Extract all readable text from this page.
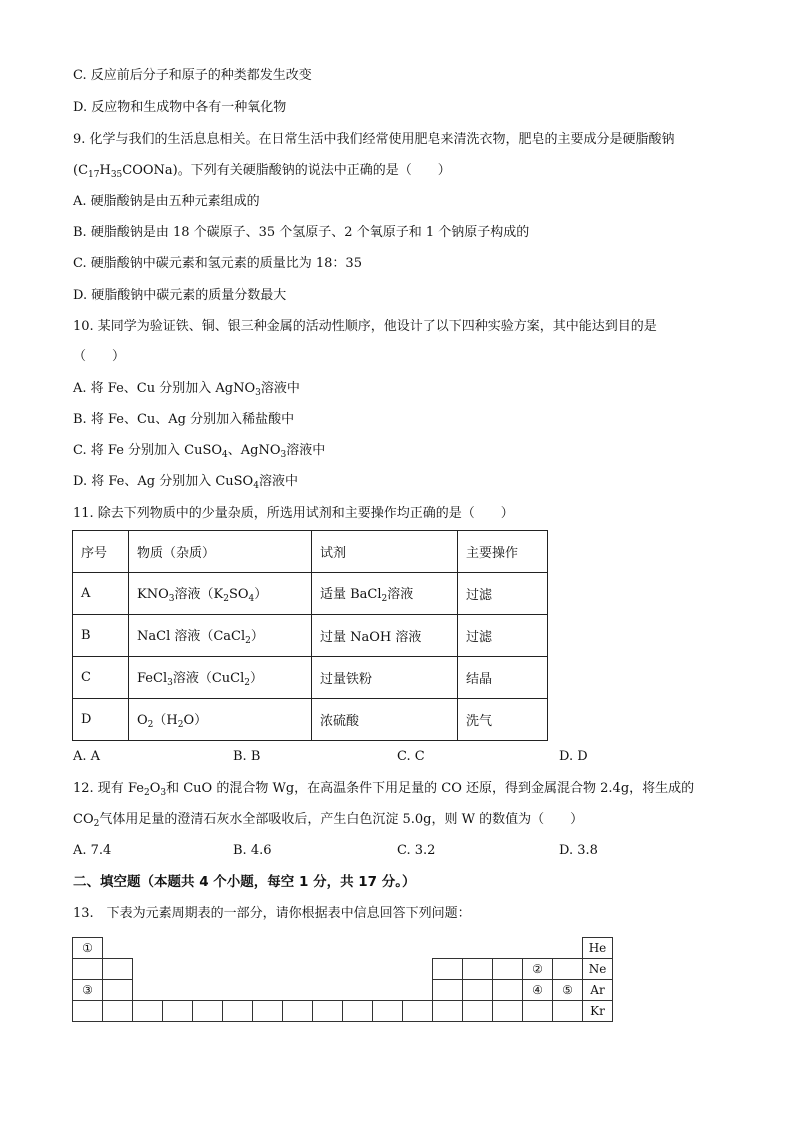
C. 反应前后分子和原子的种类都发生改变
D. 反应物和生成物中各有一种氧化物
9. 化学与我们的生活息息相关。在日常生活中我们经常使用肥皂来清洗衣物，肥皂的主要成分是硬脂酸钠
$(C_{17}H_{35}COONa)$。下列有关硬脂酸钠的说法中正确的是（　　）
A. 硬脂酸钠是由五种元素组成的
B. 硬脂酸钠是由 18 个碳原子、35 个氢原子、2 个氧原子和 1 个钠原子构成的
C. 硬脂酸钠中碳元素和氢元素的质量比为 18：35
D. 硬脂酸钠中碳元素的质量分数最大
10. 某同学为验证铁、铜、银三种金属的活动性顺序，他设计了以下四种实验方案，其中能达到目的是
（　　）
A. 将 Fe、Cu 分别加入 AgNO$_3$溶液中
B. 将 Fe、Cu、Ag 分别加入稀盐酸中
C. 将 Fe 分别加入 CuSO$_4$、AgNO$_3$溶液中
D. 将 Fe、Ag 分别加入 CuSO$_4$溶液中
11. 除去下列物质中的少量杂质，所选用试剂和主要操作均正确的是（　　）
序号	物质（杂质）	试剂	主要操作
A	$KNO_3$溶液$(K_2SO_4)$	适量 BaCl$_2$溶液	过滤
B	NaCl 溶液（CaCl$_2$）	过量 NaOH 溶液	过滤
C	FeCl$_3$溶液（CuCl$_2$）	过量铁粉	结晶
D	$O_2(H_2O)$	浓硫酸	洗气
A. A	B. B	C. C	D. D
12. 现有 $Fe_2O_3$和 CuO 的混合物 Wg，在高温条件下用足量的 CO 还原，得到金属混合物 2.4g，将生成的
$CO_2$气体用足量的澄清石灰水全部吸收后，产生白色沉淀 5.0g，则 W 的数值为（　　）
A. 7.4	B. 4.6	C. 3.2	D. 3.8
二、填空题（本题共 4 个小题，每空 1 分，共 17 分。）
13.　下表为元素周期表的一部分，请你根据表中信息回答下列问题：
①																	He
															②		Ne
③															④	⑤	Ar
																	Kr
